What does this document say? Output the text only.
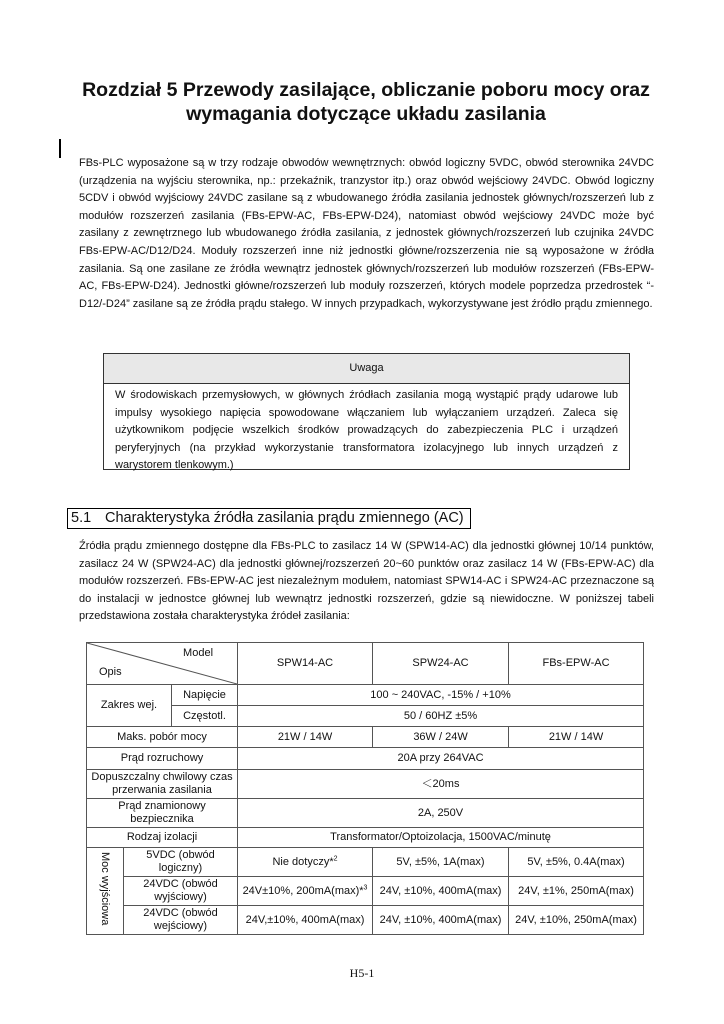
Rozdział 5 Przewody zasilające, obliczanie poboru mocy oraz
wymagania dotyczące układu zasilania

FBs-PLC wyposażone są w trzy rodzaje obwodów wewnętrznych: obwód logiczny 5VDC, obwód sterownika 24VDC (urządzenia na wyjściu sterownika, np.: przekaźnik, tranzystor itp.) oraz obwód wejściowy 24VDC. Obwód logiczny 5CDV i obwód wyjściowy 24VDC zasilane są z wbudowanego źródła zasilania jednostek głównych/rozszerzeń lub z modułów rozszerzeń zasilania (FBs-EPW-AC, FBs-EPW-D24), natomiast obwód wejściowy 24VDC może być zasilany z zewnętrznego lub wbudowanego źródła zasilania, z jednostek głównych/rozszerzeń lub czujnika 24VDC FBs-EPW-AC/D12/D24. Moduły rozszerzeń inne niż jednostki główne/rozszerzenia nie są wyposażone w źródła zasilania. Są one zasilane ze źródła wewnątrz jednostek głównych/rozszerzeń lub modułów rozszerzeń (FBs-EPW-AC, FBs-EPW-D24). Jednostki główne/rozszerzeń lub moduły rozszerzeń, których modele poprzedza przedrostek “-D12/-D24” zasilane są ze źródła prądu stałego. W innych przypadkach, wykorzystywane jest źródło prądu zmiennego.

Uwaga
W środowiskach przemysłowych, w głównych źródłach zasilania mogą wystąpić prądy udarowe lub impulsy wysokiego napięcia spowodowane włączaniem lub wyłączaniem urządzeń. Zaleca się użytkownikom podjęcie wszelkich środków prowadzących do zabezpieczenia PLC i urządzeń peryferyjnych (na przykład wykorzystanie transformatora izolacyjnego lub innych urządzeń z warystorem tlenkowym.)
5.1 Charakterystyka źródła zasilania prądu zmiennego (AC)

Źródła prądu zmiennego dostępne dla FBs-PLC to zasilacz 14 W (SPW14-AC) dla jednostki głównej 10/14 punktów, zasilacz 24 W (SPW24-AC) dla jednostki głównej/rozszerzeń 20~60 punktów oraz zasilacz 14 W (FBs-EPW-AC) dla modułów rozszerzeń. FBs-EPW-AC jest niezależnym modułem, natomiast SPW14-AC i SPW24-AC przeznaczone są do instalacji w jednostce głównej lub wewnątrz jednostki rozszerzeń, gdzie są niewidoczne. W poniższej tabeli przedstawiona została charakterystyka źródeł zasilania:

Model
Opis			SPW14-AC	SPW24-AC	FBs-EPW-AC
Zakres wej.		Napięcie	100 ~ 240VAC, -15% / +10%		
		Częstotl.	50 / 60HZ ±5%		
Maks. pobór mocy			21W / 14W	36W / 24W	21W / 14W
Prąd rozruchowy			20A przy 264VAC		
Dopuszczalny chwilowy czas przerwania zasilania			＜20ms		
Prąd znamionowy bezpiecznika			2A, 250V		
Rodzaj izolacji			Transformator/Optoizolacja, 1500VAC/minutę		
Moc wyjściowa	5VDC (obwód logiczny)		Nie dotyczy*$^2$	5V, ±5%, 1A(max)	5V, ±5%, 0.4A(max)
	24VDC (obwód wyjściowy)		24V±10%, 200mA(max)*$^3$	24V, ±10%, 400mA(max)	24V, ±1%, 250mA(max)
	24VDC (obwód wejściowy)		24V,±10%, 400mA(max)	24V, ±10%, 400mA(max)	24V, ±10%, 250mA(max)
H5-1
